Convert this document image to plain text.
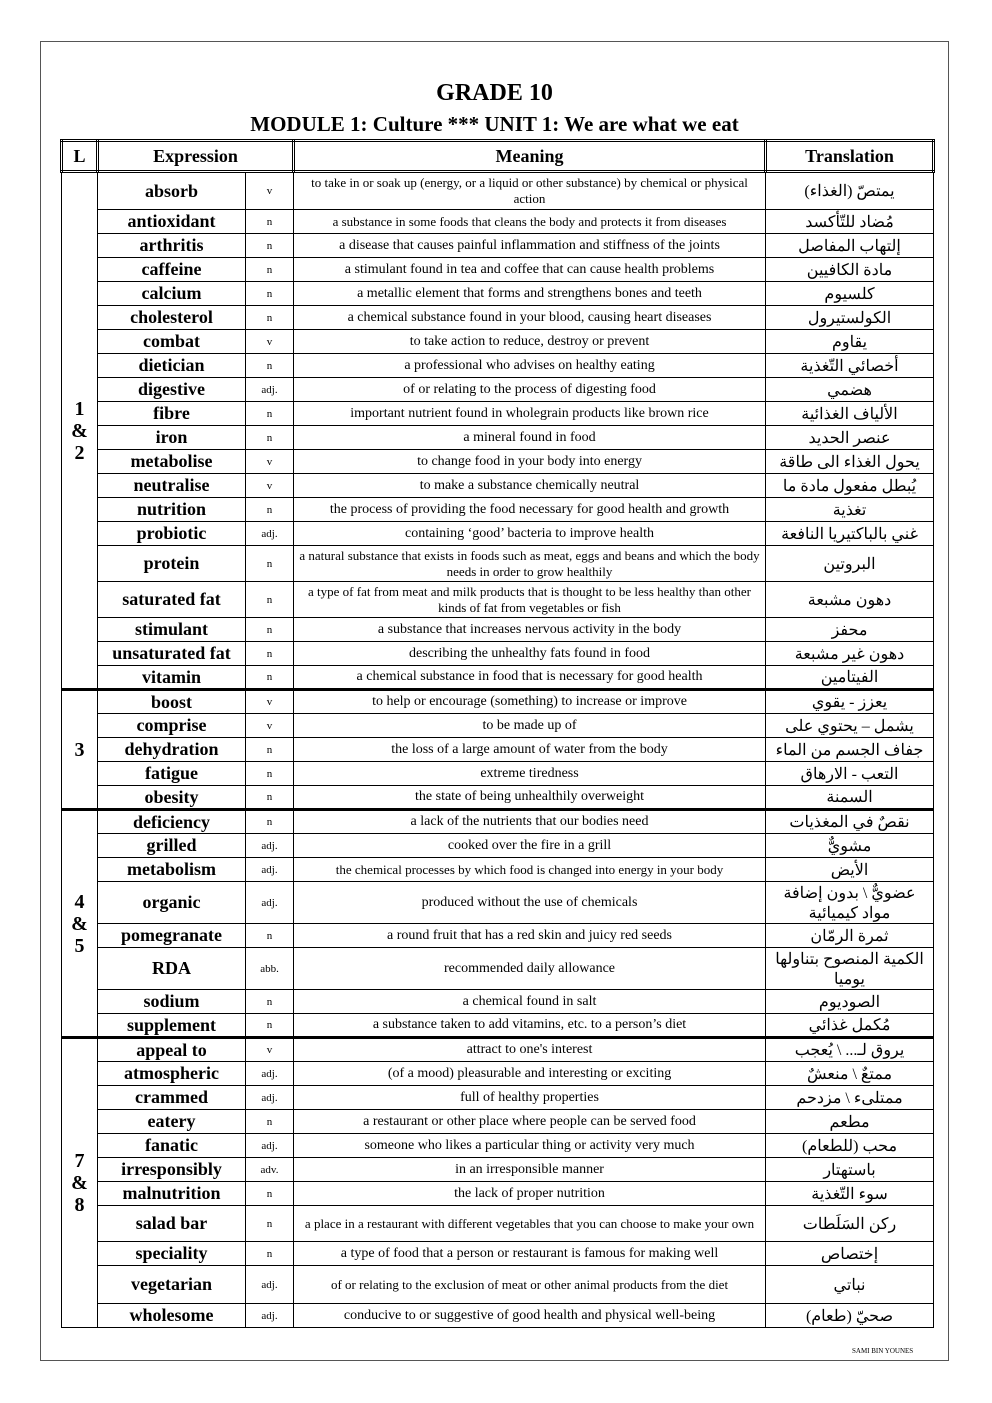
GRADE 10
MODULE 1: Culture *** UNIT 1: We are what we eat
L	Expression		Meaning	Translation

1
&
2	absorb	v	to take in or soak up (energy, or a liquid or other substance) by chemical or physical action	يمتصّ (الغذاء)
	antioxidant	n	a substance in some foods that cleans the body and protects it from diseases	مُضاد للتّأكسد
	arthritis	n	a disease that causes painful inflammation and stiffness of the joints	إلتهاب المفاصل
	caffeine	n	a stimulant found in tea and coffee that can cause health problems	مادة الكافيين
	calcium	n	a metallic element that forms and strengthens bones and teeth	كلسيوم
	cholesterol	n	a chemical substance found in your blood, causing heart diseases	الكولستيرول
	combat	v	to take action to reduce, destroy or prevent	يقاوم
	dietician	n	a professional who advises on healthy eating	أخصائي التّغذية
	digestive	adj.	of or relating to the process of digesting food	هضمي
	fibre	n	important nutrient found in wholegrain products like brown rice	الألياف الغذائية
	iron	n	a mineral found in food	عنصر الحديد
	metabolise	v	to change food in your body into energy	يحول الغذاء الى طاقة
	neutralise	v	to make a substance chemically neutral	يُبطل مفعول مادة ما
	nutrition	n	the process of providing the food necessary for good health and growth	تغذية
	probiotic	adj.	containing ‘good’ bacteria to improve health	غني بالباكتيريا النافعة
	protein	n	a natural substance that exists in foods such as meat, eggs and beans and which the body needs in order to grow healthily	البروتين
	saturated fat	n	a type of fat from meat and milk products that is thought to be less healthy than other kinds of fat from vegetables or fish	دهون مشبعة
	stimulant	n	a substance that increases nervous activity in the body	محفز
	unsaturated fat	n	describing the unhealthy fats found in food	دهون غير مشبعة
	vitamin	n	a chemical substance in food that is necessary for good health	الفيتامين

3	boost	v	to help or encourage (something) to increase or improve	يعزز - يقوي
	comprise	v	to be made up of	يشمل – يحتوي على
	dehydration	n	the loss of a large amount of water from the body	جفاف الجسم من الماء
	fatigue	n	extreme tiredness	التعب - الارهاق
	obesity	n	the state of being unhealthily overweight	السمنة

4
&
5	deficiency	n	a lack of the nutrients that our bodies need	نقصٌ في المغذيات
	grilled	adj.	cooked over the fire in a grill	مشويٌّ
	metabolism	adj.	the chemical processes by which food is changed into energy in your body	الأيض
	organic	adj.	produced without the use of chemicals	عضويٌّ \ بدون إضافة مواد كيميائية
	pomegranate	n	a round fruit that has a red skin and juicy red seeds	ثمرة الرمّان
	RDA	abb.	recommended daily allowance	الكمية المنصوح بتناولها يوميا
	sodium	n	a chemical found in salt	الصوديوم
	supplement	n	a substance taken to add vitamins, etc. to a person’s diet	مُكمل غذائي

7
&
8	appeal to	v	attract to one's interest	يروق لـ... \ يُعجب
	atmospheric	adj.	(of a mood) pleasurable and interesting or exciting	ممتعٌ \ منعشٌ
	crammed	adj.	full of healthy properties	ممتلىء \ مزدحم
	eatery	n	a restaurant or other place where people can be served food	مطعم
	fanatic	adj.	someone who likes a particular thing or activity very much	محب (للطعام)
	irresponsibly	adv.	in an irresponsible manner	باستهتار
	malnutrition	n	the lack of proper nutrition	سوء التّغذية
	salad bar	n	a place in a restaurant with different vegetables that you can choose to make your own	ركن السَلَطات
	speciality	n	a type of food that a person or restaurant is famous for making well	إختصاص
	vegetarian	adj.	of or relating to the exclusion of meat or other animal products from the diet	نباتي
	wholesome	adj.	conducive to or suggestive of good health and physical well-being	صحيّ (طعام)
SAMI BIN YOUNES
